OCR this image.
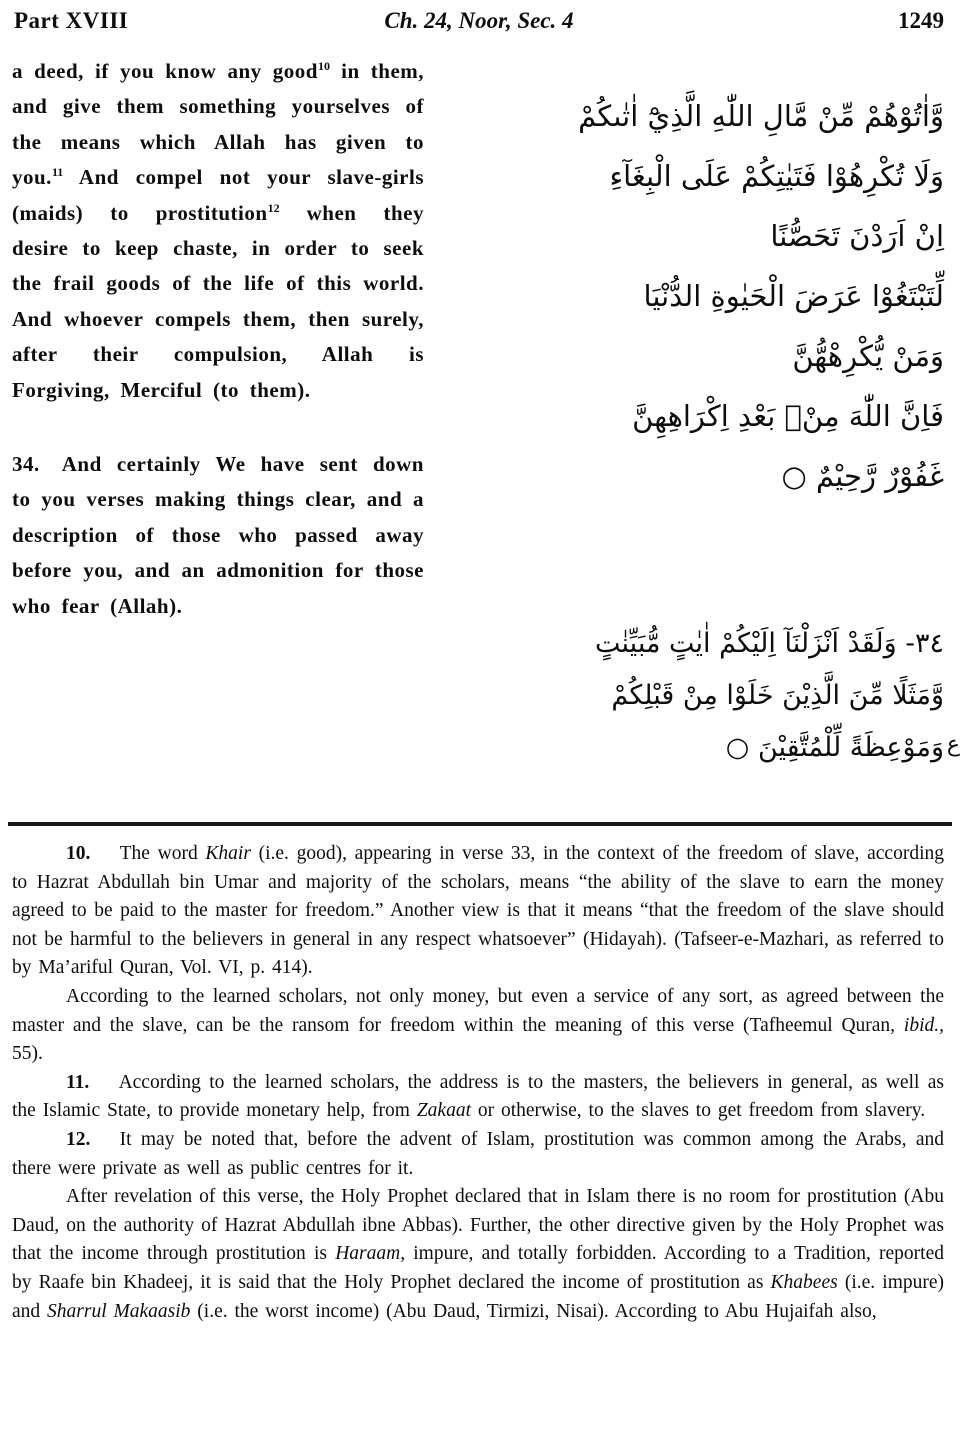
Part XVIII	Ch. 24, Noor, Sec. 4	1249

a deed, if you know any good$^{10}$ in them, and give them something yourselves of the means which Allah has given to you.$^{11}$ And compel not your slave-girls (maids) to prostitution$^{12}$ when they desire to keep chaste, in order to seek the frail goods of the life of this world. And whoever compels them, then surely, after their compulsion, Allah is Forgiving, Merciful (to them).

34.  And certainly We have sent down to you verses making things clear, and a description of those who passed away before you, and an admonition for those who fear (Allah).

وَّاٰتُوْهُمْ مِّنْ مَّالِ اللّٰهِ الَّذِيْٓ اٰتٰىكُمْ
وَلَا تُكْرِهُوْا فَتَيٰتِكُمْ عَلَى الْبِغَآءِ
اِنْ اَرَدْنَ تَحَصُّنًا
لِّتَبْتَغُوْا عَرَضَ الْحَيٰوةِ الدُّنْيَا
وَمَنْ يُّكْرِهْهُّنَّ
فَاِنَّ اللّٰهَ مِنْۢ بَعْدِ اِكْرَاهِهِنَّ
غَفُوْرٌ رَّحِيْمٌ ○
٣٤- وَلَقَدْ اَنْزَلْنَآ اِلَيْكُمْ اٰيٰتٍ مُّبَيِّنٰتٍ
وَّمَثَلًا مِّنَ الَّذِيْنَ خَلَوْا مِنْ قَبْلِكُمْ
وَمَوْعِظَةً لِّلْمُتَّقِيْنَ ○ ع

10.  The word Khair (i.e. good), appearing in verse 33, in the context of the freedom of slave, according to Hazrat Abdullah bin Umar and majority of the scholars, means “the ability of the slave to earn the money agreed to be paid to the master for freedom.” Another view is that it means “that the freedom of the slave should not be harmful to the believers in general in any respect whatsoever” (Hidayah). (Tafseer-e-Mazhari, as referred to by Ma’ariful Quran, Vol. VI, p. 414).

According to the learned scholars, not only money, but even a service of any sort, as agreed between the master and the slave, can be the ransom for freedom within the meaning of this verse (Tafheemul Quran, ibid., 55).

11.  According to the learned scholars, the address is to the masters, the believers in general, as well as the Islamic State, to provide monetary help, from Zakaat or otherwise, to the slaves to get freedom from slavery.

12.  It may be noted that, before the advent of Islam, prostitution was common among the Arabs, and there were private as well as public centres for it.

After revelation of this verse, the Holy Prophet declared that in Islam there is no room for prostitution (Abu Daud, on the authority of Hazrat Abdullah ibne Abbas). Further, the other directive given by the Holy Prophet was that the income through prostitution is Haraam, impure, and totally forbidden. According to a Tradition, reported by Raafe bin Khadeej, it is said that the Holy Prophet declared the income of prostitution as Khabees (i.e. impure) and Sharrul Makaasib (i.e. the worst income) (Abu Daud, Tirmizi, Nisai). According to Abu Hujaifah also,
